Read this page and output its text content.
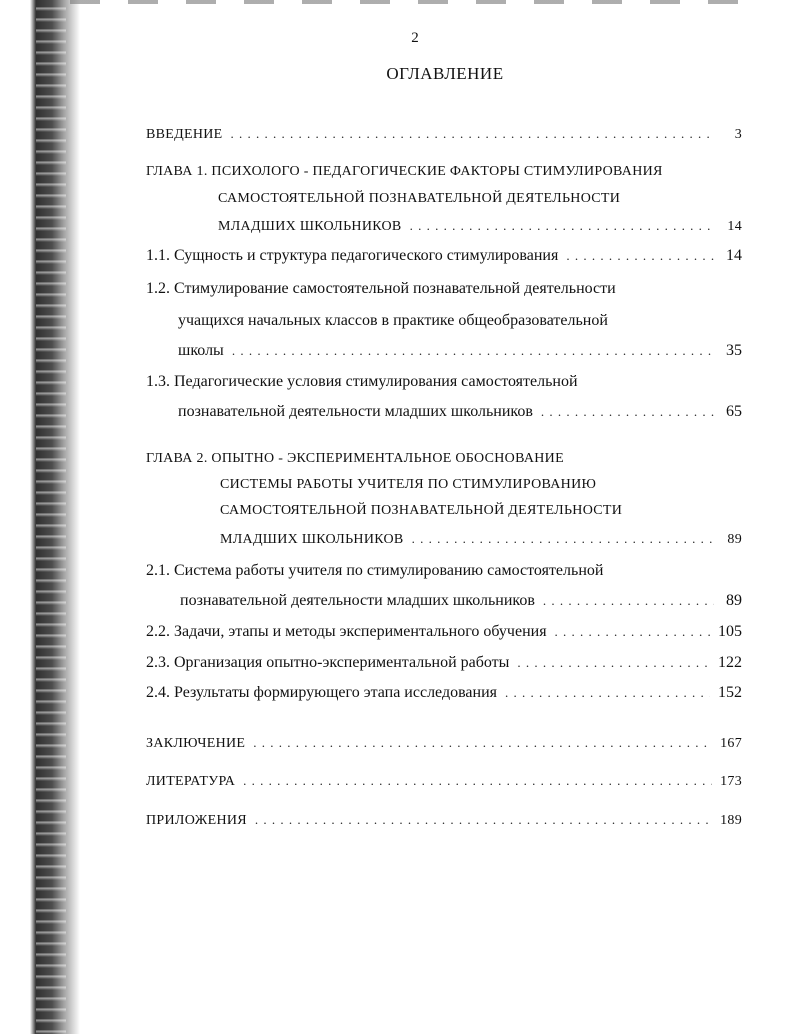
2
ОГЛАВЛЕНИЕ
ВВЕДЕНИЕ . . .	3
ГЛАВА 1. ПСИХОЛОГО - ПЕДАГОГИЧЕСКИЕ ФАКТОРЫ СТИМУЛИРОВАНИЯ
САМОСТОЯТЕЛЬНОЙ ПОЗНАВАТЕЛЬНОЙ ДЕЯТЕЛЬНОСТИ
МЛАДШИХ ШКОЛЬНИКОВ . . .	14
1.1. Сущность и структура педагогического стимулирования . . .	14
1.2. Стимулирование самостоятельной познавательной деятельности
учащихся начальных классов в практике общеобразовательной
школы . . .	35
1.3. Педагогические условия стимулирования самостоятельной
познавательной деятельности младших школьников . . .	65
ГЛАВА 2. ОПЫТНО - ЭКСПЕРИМЕНТАЛЬНОЕ ОБОСНОВАНИЕ
СИСТЕМЫ РАБОТЫ УЧИТЕЛЯ ПО СТИМУЛИРОВАНИЮ
САМОСТОЯТЕЛЬНОЙ ПОЗНАВАТЕЛЬНОЙ ДЕЯТЕЛЬНОСТИ
МЛАДШИХ ШКОЛЬНИКОВ . . .	89
2.1. Система работы учителя по стимулированию самостоятельной
познавательной деятельности младших школьников . . .	89
2.2. Задачи, этапы и методы экспериментального обучения . . .	105
2.3. Организация опытно-экспериментальной работы . . .	122
2.4. Результаты формирующего этапа исследования . . .	152
ЗАКЛЮЧЕНИЕ . . .	167
ЛИТЕРАТУРА . . .	173
ПРИЛОЖЕНИЯ . . .	189
